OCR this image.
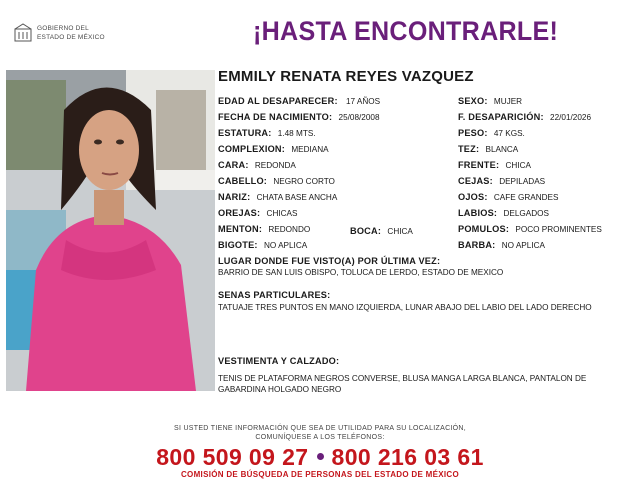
GOBIERNO DEL
ESTADO DE MÉXICO	¡HASTA ENCONTRARLE!
EMMILY RENATA REYES VAZQUEZ
EDAD AL DESAPARECER: 17 AÑOS
FECHA DE NACIMIENTO: 25/08/2008
ESTATURA: 1.48 MTS.
COMPLEXION: MEDIANA
CARA: REDONDA
CABELLO: NEGRO CORTO
NARIZ: CHATA BASE ANCHA
OREJAS: CHICAS
MENTON: REDONDO	BOCA: CHICA
BIGOTE: NO APLICA
SEXO: MUJER
F. DESAPARICIÓN: 22/01/2026
PESO: 47 KGS.
TEZ: BLANCA
FRENTE: CHICA
CEJAS: DEPILADAS
OJOS: CAFE GRANDES
LABIOS: DELGADOS
POMULOS: POCO PROMINENTES
BARBA: NO APLICA
LUGAR DONDE FUE VISTO(A) POR ÚLTIMA VEZ:
BARRIO DE SAN LUIS OBISPO, TOLUCA DE LERDO, ESTADO DE MEXICO
SENAS PARTICULARES:
TATUAJE TRES PUNTOS EN MANO IZQUIERDA, LUNAR ABAJO DEL LABIO DEL LADO DERECHO
VESTIMENTA Y CALZADO:
TENIS DE PLATAFORMA NEGROS CONVERSE, BLUSA MANGA LARGA BLANCA, PANTALON DE GABARDINA HOLGADO NEGRO
SI USTED TIENE INFORMACIÓN QUE SEA DE UTILIDAD PARA SU LOCALIZACIÓN,
COMUNÍQUESE A LOS TELÉFONOS:
800 509 09 27 800 216 03 61
COMISIÓN DE BÚSQUEDA DE PERSONAS DEL ESTADO DE MÉXICO
